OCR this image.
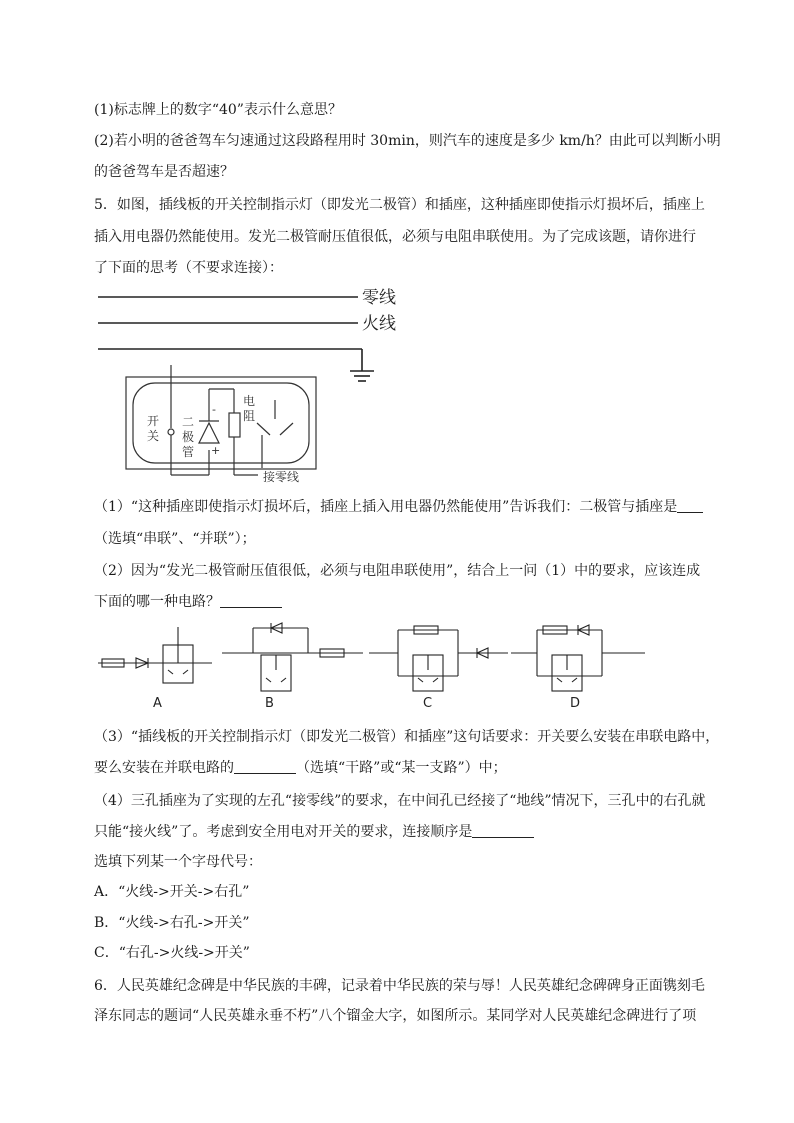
(1)标志牌上的数字“40”表示什么意思？
(2)若小明的爸爸驾车匀速通过这段路程用时 30min，则汽车的速度是多少 km/h？由此可以判断小明
的爸爸驾车是否超速？
5．如图，插线板的开关控制指示灯（即发光二极管）和插座，这种插座即使指示灯损坏后，插座上
插入用电器仍然能使用。发光二极管耐压值很低，必须与电阻串联使用。为了完成该题，请你进行
了下面的思考（不要求连接）：
零线
火线
开
关
二
极
管
-
+
电
阻
接零线
（1）“这种插座即使指示灯损坏后，插座上插入用电器仍然能使用”告诉我们：二极管与插座是
（选填“串联”、“并联”）；
（2）因为“发光二极管耐压值很低，必须与电阻串联使用”，结合上一问（1）中的要求，应该连成
下面的哪一种电路？
A	B	C	D
（3）“插线板的开关控制指示灯（即发光二极管）和插座”这句话要求：开关要么安装在串联电路中，
要么安装在并联电路的	（选填“干路”或“某一支路”）中；
（4）三孔插座为了实现的左孔“接零线”的要求，在中间孔已经接了“地线”情况下，三孔中的右孔就
只能“接火线”了。考虑到安全用电对开关的要求，连接顺序是
选填下列某一个字母代号：
A．“火线->开关->右孔”
B．“火线->右孔->开关”
C．“右孔->火线->开关”
6．人民英雄纪念碑是中华民族的丰碑，记录着中华民族的荣与辱！人民英雄纪念碑碑身正面镌刻毛
泽东同志的题词“人民英雄永垂不朽”八个镏金大字，如图所示。某同学对人民英雄纪念碑进行了项
